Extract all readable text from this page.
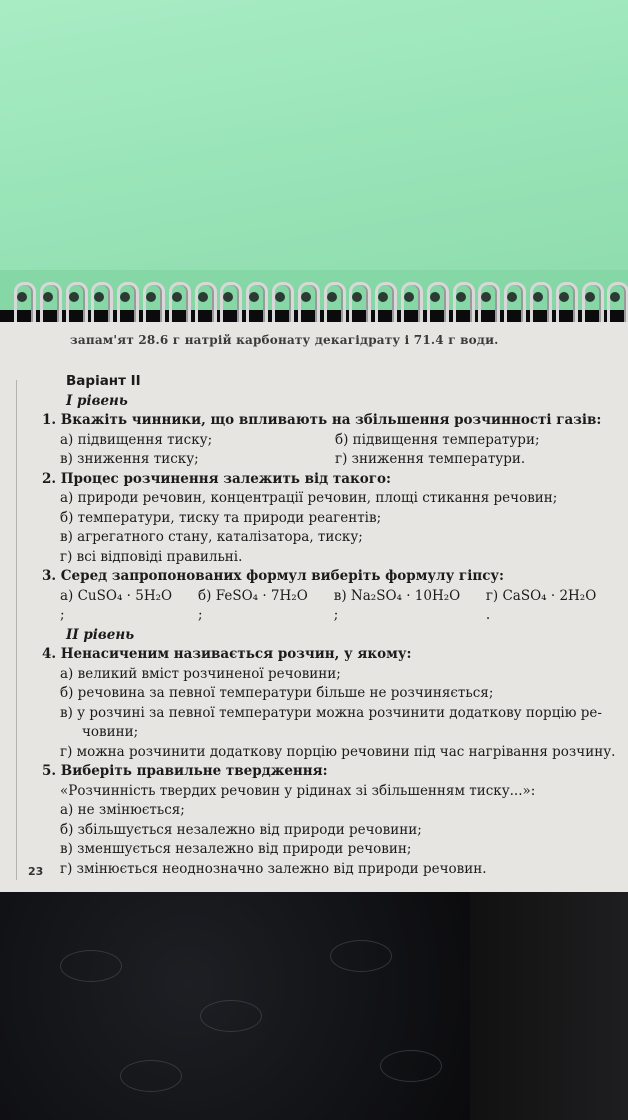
запам'ят 28.6 г натрій карбонату декагідрату і 71.4 г води.
Варіант II
I рівень
1. Вкажіть чинники, що впливають на збільшення розчинності газів:
а) підвищення тиску;	б) підвищення температури;
в) зниження тиску;	г) зниження температури.
2. Процес розчинення залежить від такого:
а) природи речовин, концентрації речовин, площі стикання речовин;
б) температури, тиску та природи реагентів;
в) агрегатного стану, каталізатора, тиску;
г) всі відповіді правильні.
3. Серед запропонованих формул виберіть формулу гіпсу:
а) CuSO₄ · 5H₂O ;
б) FeSO₄ · 7H₂O ;
в) Na₂SO₄ · 10H₂O ;
г) CaSO₄ · 2H₂O .
II рівень
4. Ненасиченим називається розчин, у якому:
а) великий вміст розчиненої речовини;
б) речовина за певної температури більше не розчиняється;
в) у розчині за певної температури можна розчинити додаткову порцію ре-
човини;
г) можна розчинити додаткову порцію речовини під час нагрівання розчину.
5. Виберіть правильне твердження:
«Розчинність твердих речовин у рідинах зі збільшенням тиску...»:
а) не змінюється;
б) збільшується незалежно від природи речовини;
в) зменшується незалежно від природи речовин;
г) змінюється неоднозначно залежно від природи речовин.
23
